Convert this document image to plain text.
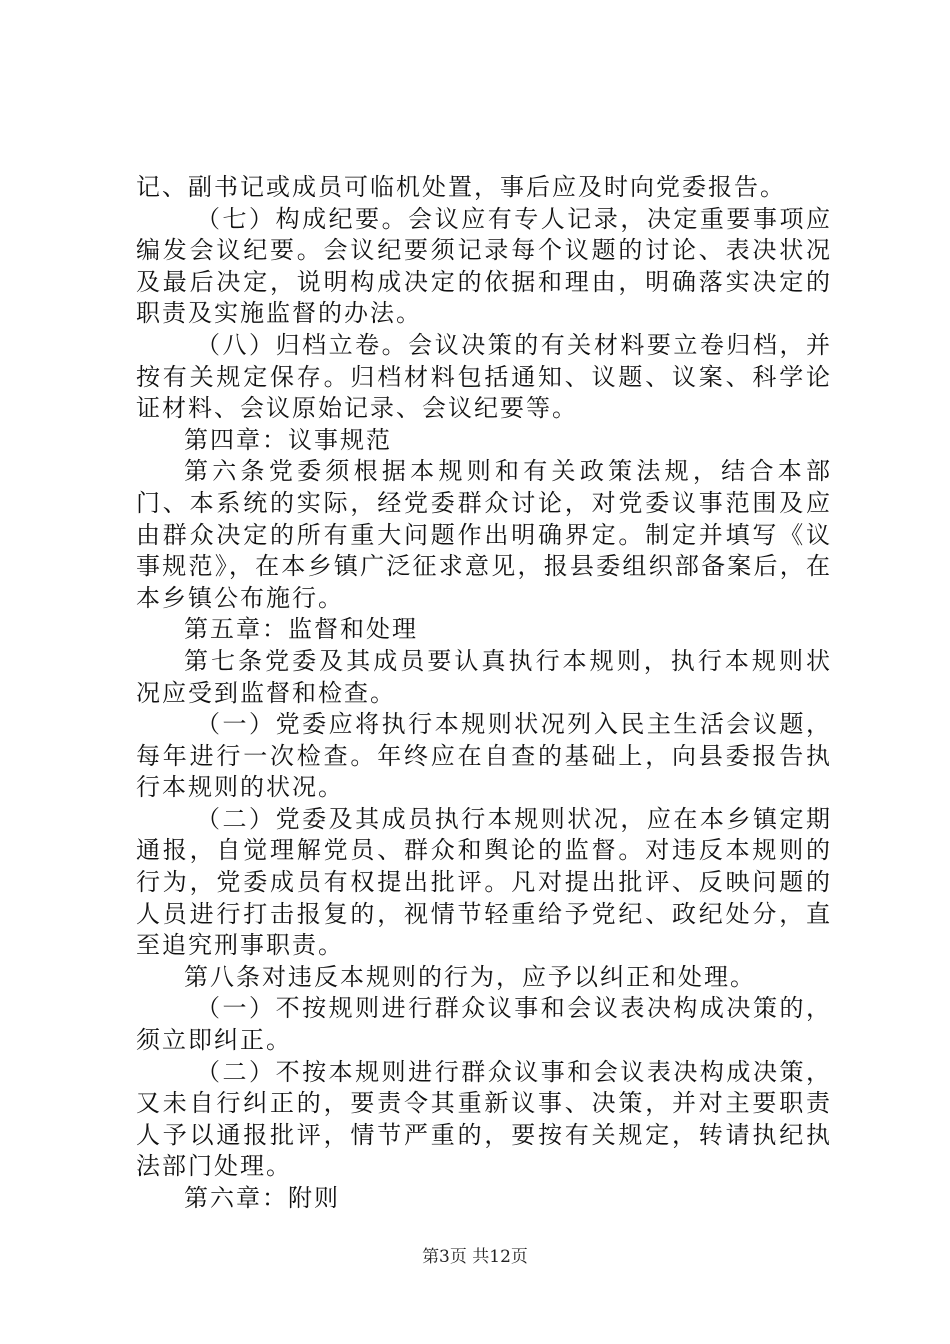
记、副书记或成员可临机处置，事后应及时向党委报告。

（七）构成纪要。会议应有专人记录，决定重要事项应编发会议纪要。会议纪要须记录每个议题的讨论、表决状况及最后决定，说明构成决定的依据和理由，明确落实决定的职责及实施监督的办法。

（八）归档立卷。会议决策的有关材料要立卷归档，并按有关规定保存。归档材料包括通知、议题、议案、科学论证材料、会议原始记录、会议纪要等。

第四章：议事规范

第六条党委须根据本规则和有关政策法规，结合本部门、本系统的实际，经党委群众讨论，对党委议事范围及应由群众决定的所有重大问题作出明确界定。制定并填写《议事规范》，在本乡镇广泛征求意见，报县委组织部备案后，在本乡镇公布施行。

第五章：监督和处理

第七条党委及其成员要认真执行本规则，执行本规则状况应受到监督和检查。

（一）党委应将执行本规则状况列入民主生活会议题，每年进行一次检查。年终应在自查的基础上，向县委报告执行本规则的状况。

（二）党委及其成员执行本规则状况，应在本乡镇定期通报，自觉理解党员、群众和舆论的监督。对违反本规则的行为，党委成员有权提出批评。凡对提出批评、反映问题的人员进行打击报复的，视情节轻重给予党纪、政纪处分，直至追究刑事职责。

第八条对违反本规则的行为，应予以纠正和处理。

（一）不按规则进行群众议事和会议表决构成决策的，须立即纠正。

（二）不按本规则进行群众议事和会议表决构成决策，又未自行纠正的，要责令其重新议事、决策，并对主要职责人予以通报批评，情节严重的，要按有关规定，转请执纪执法部门处理。

第六章：附则

第3页 共12页
